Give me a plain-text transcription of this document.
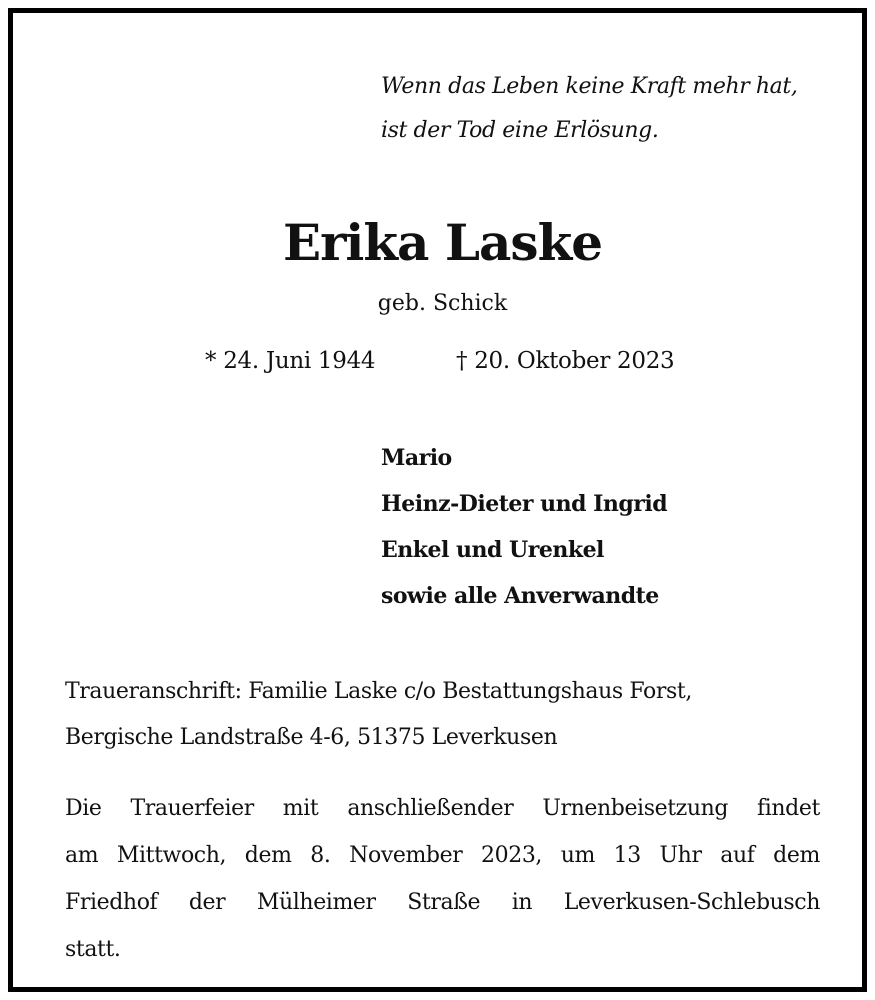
Wenn das Leben keine Kraft mehr hat,
ist der Tod eine Erlösung.
Erika Laske
geb. Schick
* 24. Juni 1944	† 20. Oktober 2023
Mario
Heinz-Dieter und Ingrid
Enkel und Urenkel
sowie alle Anverwandte
Traueranschrift: Familie Laske c/o Bestattungshaus Forst,
Bergische Landstraße 4-6, 51375 Leverkusen
Die Trauerfeier mit anschließender Urnenbeisetzung findet
am Mittwoch, dem 8. November 2023, um 13 Uhr auf dem
Friedhof der Mülheimer Straße in Leverkusen-Schlebusch
statt.
